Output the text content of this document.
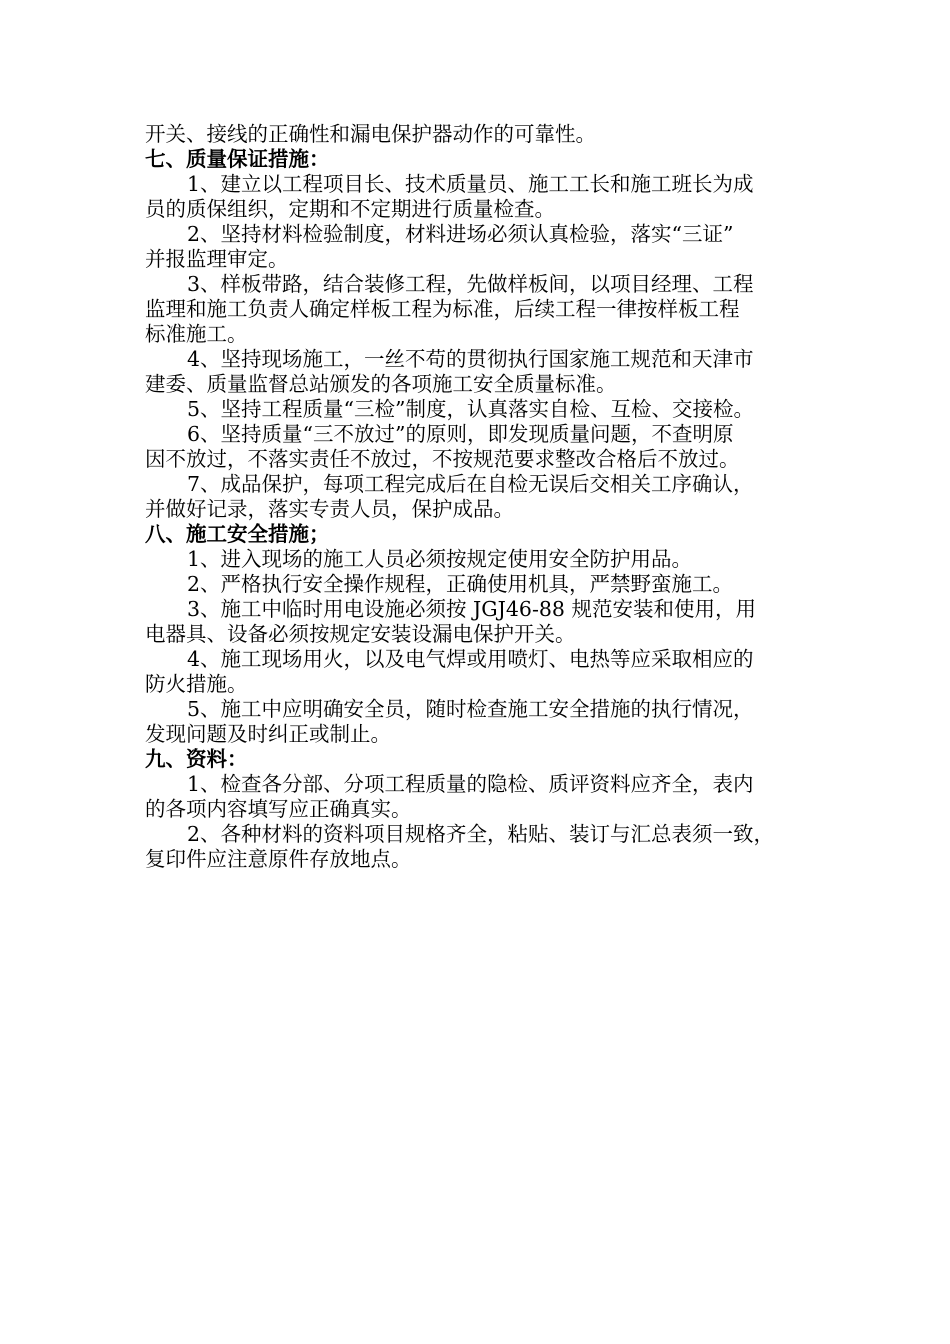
开关、接线的正确性和漏电保护器动作的可靠性。
七、质量保证措施：
1、建立以工程项目长、技术质量员、施工工长和施工班长为成
员的质保组织，定期和不定期进行质量检查。
2、坚持材料检验制度，材料进场必须认真检验，落实“三证”
并报监理审定。
3、样板带路，结合装修工程，先做样板间，以项目经理、工程
监理和施工负责人确定样板工程为标准，后续工程一律按样板工程
标准施工。
4、坚持现场施工，一丝不苟的贯彻执行国家施工规范和天津市
建委、质量监督总站颁发的各项施工安全质量标准。
5、坚持工程质量“三检”制度，认真落实自检、互检、交接检。
6、坚持质量“三不放过”的原则，即发现质量问题，不查明原
因不放过，不落实责任不放过，不按规范要求整改合格后不放过。
7、成品保护，每项工程完成后在自检无误后交相关工序确认，
并做好记录，落实专责人员，保护成品。
八、施工安全措施；
1、进入现场的施工人员必须按规定使用安全防护用品。
2、严格执行安全操作规程，正确使用机具，严禁野蛮施工。
3、施工中临时用电设施必须按 JGJ46-88 规范安装和使用，用
电器具、设备必须按规定安装设漏电保护开关。
4、施工现场用火，以及电气焊或用喷灯、电热等应采取相应的
防火措施。
5、施工中应明确安全员，随时检查施工安全措施的执行情况，
发现问题及时纠正或制止。
九、资料：
1、检查各分部、分项工程质量的隐检、质评资料应齐全，表内
的各项内容填写应正确真实。
2、各种材料的资料项目规格齐全，粘贴、装订与汇总表须一致，
复印件应注意原件存放地点。
